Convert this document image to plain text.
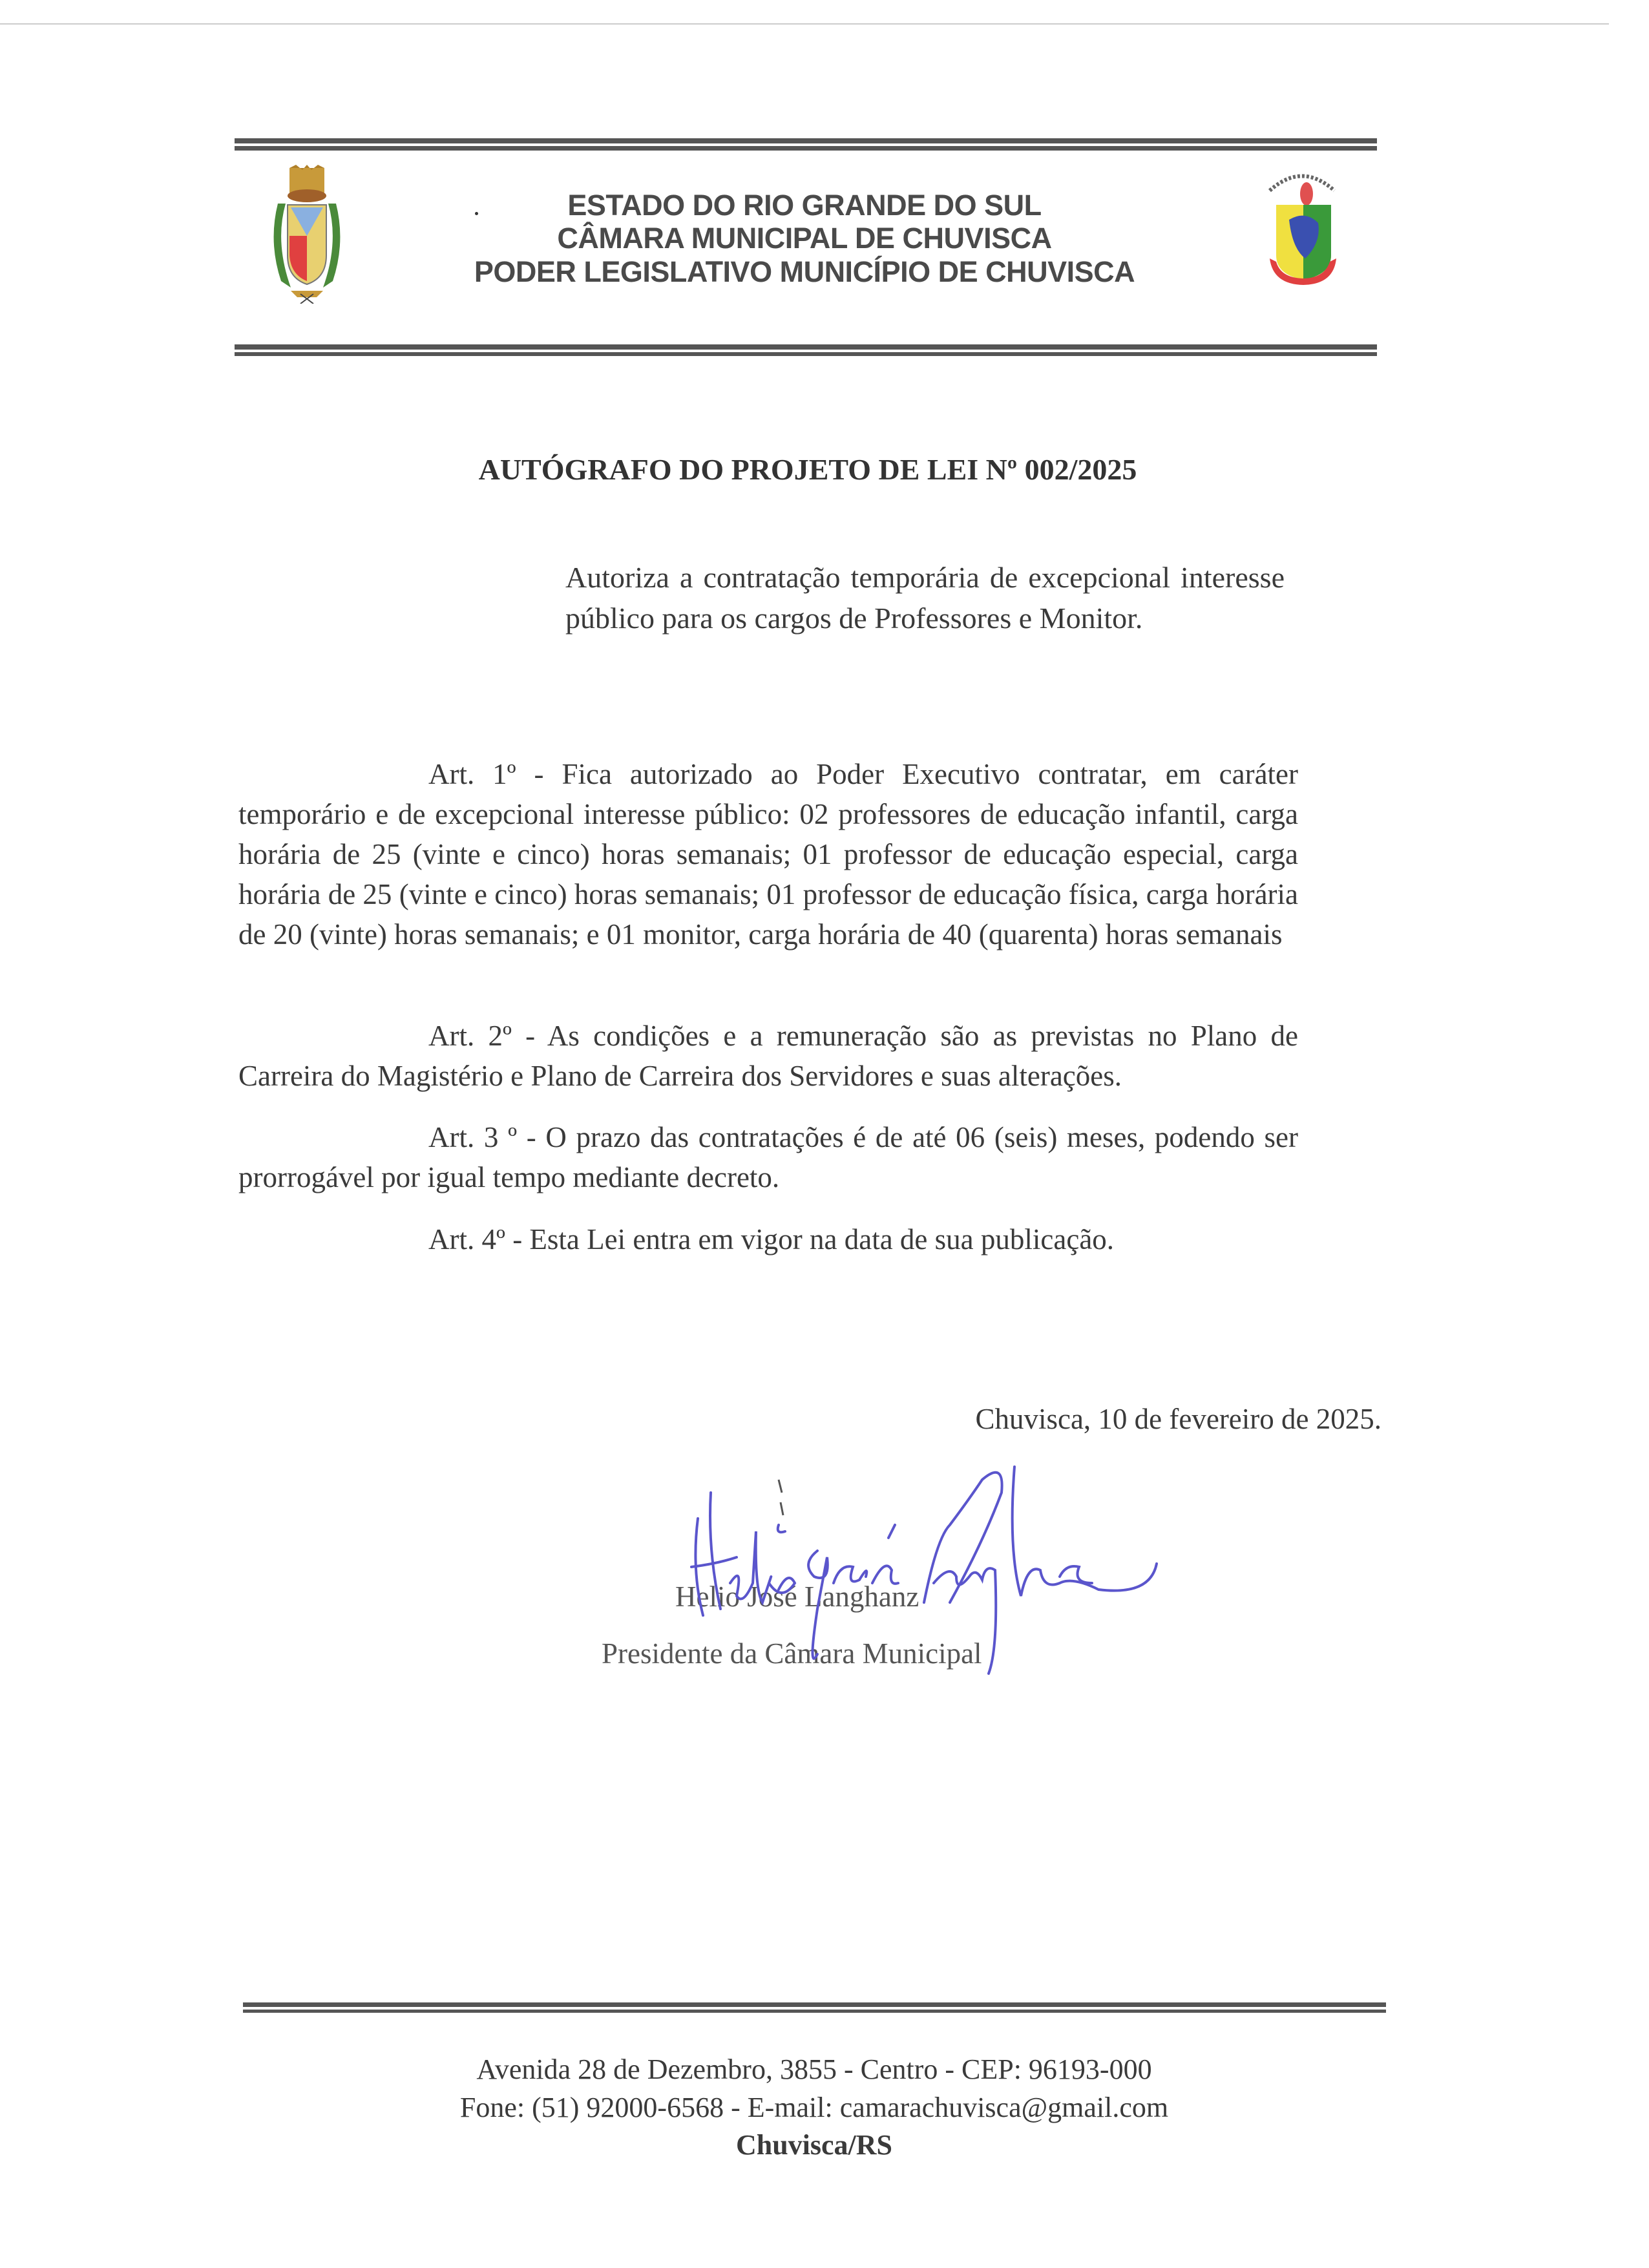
ESTADO DO RIO GRANDE DO SUL
CÂMARA MUNICIPAL DE CHUVISCA
PODER LEGISLATIVO MUNICÍPIO DE CHUVISCA
AUTÓGRAFO DO PROJETO DE LEI Nº 002/2025
Autoriza a contratação temporária de excepcional interesse público para os cargos de Professores e Monitor.

Art. 1º - Fica autorizado ao Poder Executivo contratar, em caráter temporário e de excepcional interesse público: 02 professores de educação infantil, carga horária de 25 (vinte e cinco) horas semanais; 01 professor de educação especial, carga horária de 25 (vinte e cinco) horas semanais; 01 professor de educação física, carga horária de 20 (vinte) horas semanais; e 01 monitor, carga horária de 40 (quarenta) horas semanais

Art. 2º - As condições e a remuneração são as previstas no Plano de Carreira do Magistério e Plano de Carreira dos Servidores e suas alterações.

Art. 3 º - O prazo das contratações é de até 06 (seis) meses, podendo ser prorrogável por igual tempo mediante decreto.

Art. 4º - Esta Lei entra em vigor na data de sua publicação.

Chuvisca, 10 de fevereiro de 2025.
Helio José Langhanz
Presidente da Câmara Municipal
Avenida 28 de Dezembro, 3855 - Centro - CEP: 96193-000
Fone: (51) 92000-6568 - E-mail: camarachuvisca@gmail.com
Chuvisca/RS
